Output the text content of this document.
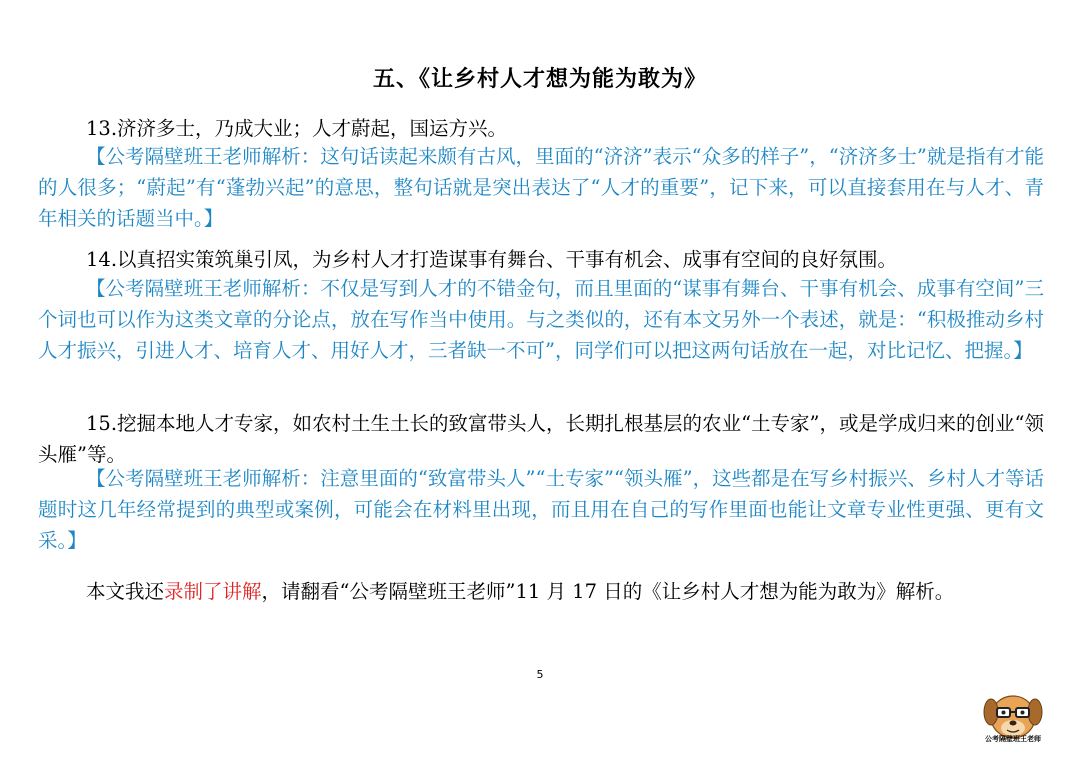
五、《让乡村人才想为能为敢为》

13.济济多士，乃成大业；人才蔚起，国运方兴。

【公考隔壁班王老师解析：这句话读起来颇有古风，里面的“济济”表示“众多的样子”，“济济多士”就是指有才能的人很多；“蔚起”有“蓬勃兴起”的意思，整句话就是突出表达了“人才的重要”，记下来，可以直接套用在与人才、青年相关的话题当中。】

14.以真招实策筑巢引凤，为乡村人才打造谋事有舞台、干事有机会、成事有空间的良好氛围。

【公考隔壁班王老师解析：不仅是写到人才的不错金句，而且里面的“谋事有舞台、干事有机会、成事有空间”三个词也可以作为这类文章的分论点，放在写作当中使用。与之类似的，还有本文另外一个表述，就是：“积极推动乡村人才振兴，引进人才、培育人才、用好人才，三者缺一不可”，同学们可以把这两句话放在一起，对比记忆、把握。】

15.挖掘本地人才专家，如农村土生土长的致富带头人，长期扎根基层的农业“土专家”，或是学成归来的创业“领头雁”等。

【公考隔壁班王老师解析：注意里面的“致富带头人”“土专家”“领头雁”，这些都是在写乡村振兴、乡村人才等话题时这几年经常提到的典型或案例，可能会在材料里出现，而且用在自己的写作里面也能让文章专业性更强、更有文采。】

本文我还录制了讲解，请翻看“公考隔壁班王老师”11 月 17 日的《让乡村人才想为能为敢为》解析。

5
公考隔壁班王老师
